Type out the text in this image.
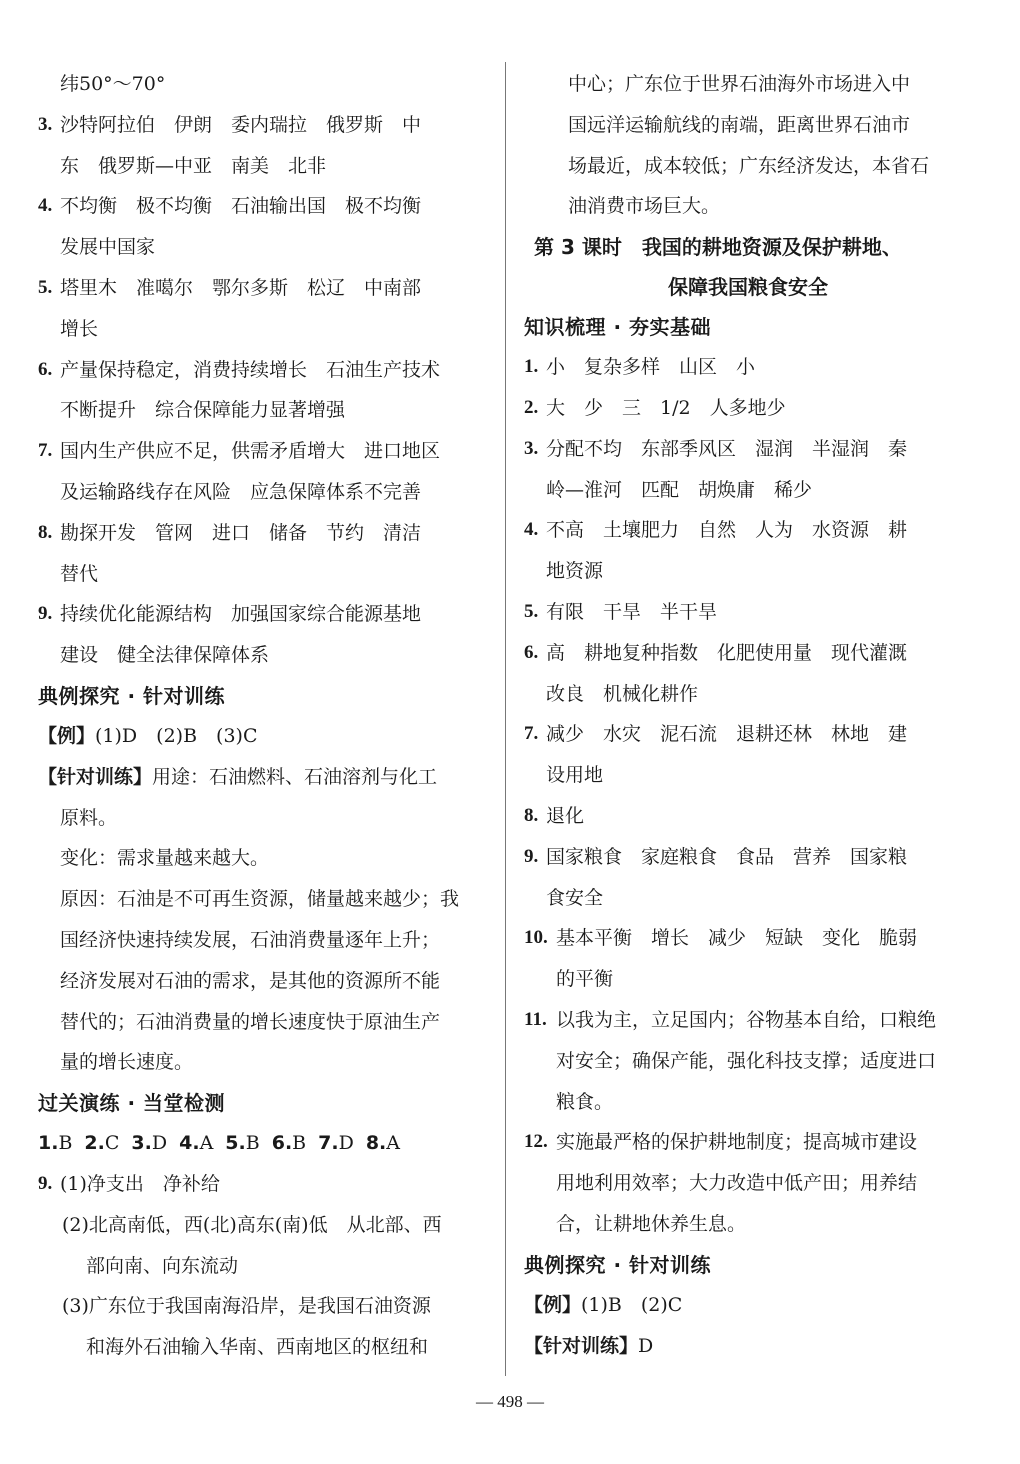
纬50°～70°
3. 沙特阿拉伯　伊朗　委内瑞拉　俄罗斯　中
东　俄罗斯—中亚　南美　北非
4. 不均衡　极不均衡　石油输出国　极不均衡
发展中国家
5. 塔里木　准噶尔　鄂尔多斯　松辽　中南部
增长
6. 产量保持稳定，消费持续增长　石油生产技术
不断提升　综合保障能力显著增强
7. 国内生产供应不足，供需矛盾增大　进口地区
及运输路线存在风险　应急保障体系不完善
8. 勘探开发　管网　进口　储备　节约　清洁
替代
9. 持续优化能源结构　加强国家综合能源基地
建设　健全法律保障体系
典例探究 · 针对训练
【例】(1)D　(2)B　(3)C
【针对训练】用途：石油燃料、石油溶剂与化工
原料。
变化：需求量越来越大。
原因：石油是不可再生资源，储量越来越少；我
国经济快速持续发展，石油消费量逐年上升；
经济发展对石油的需求，是其他的资源所不能
替代的；石油消费量的增长速度快于原油生产
量的增长速度。
过关演练 · 当堂检测
1.B 2.C 3.D 4.A 5.B 6.B 7.D 8.A
9. (1)净支出　净补给
(2)北高南低，西(北)高东(南)低　从北部、西
部向南、向东流动
(3)广东位于我国南海沿岸，是我国石油资源
和海外石油输入华南、西南地区的枢纽和
中心；广东位于世界石油海外市场进入中
国远洋运输航线的南端，距离世界石油市
场最近，成本较低；广东经济发达，本省石
油消费市场巨大。
第 3 课时　我国的耕地资源及保护耕地、
保障我国粮食安全
知识梳理 · 夯实基础
1. 小　复杂多样　山区　小
2. 大　少　三　1/2　人多地少
3. 分配不均　东部季风区　湿润　半湿润　秦
岭—淮河　匹配　胡焕庸　稀少
4. 不高　土壤肥力　自然　人为　水资源　耕
地资源
5. 有限　干旱　半干旱
6. 高　耕地复种指数　化肥使用量　现代灌溉
改良　机械化耕作
7. 减少　水灾　泥石流　退耕还林　林地　建
设用地
8. 退化
9. 国家粮食　家庭粮食　食品　营养　国家粮
食安全
10. 基本平衡　增长　减少　短缺　变化　脆弱
的平衡
11. 以我为主，立足国内；谷物基本自给，口粮绝
对安全；确保产能，强化科技支撑；适度进口
粮食。
12. 实施最严格的保护耕地制度；提高城市建设
用地利用效率；大力改造中低产田；用养结
合，让耕地休养生息。
典例探究 · 针对训练
【例】(1)B　(2)C
【针对训练】D
— 498 —
